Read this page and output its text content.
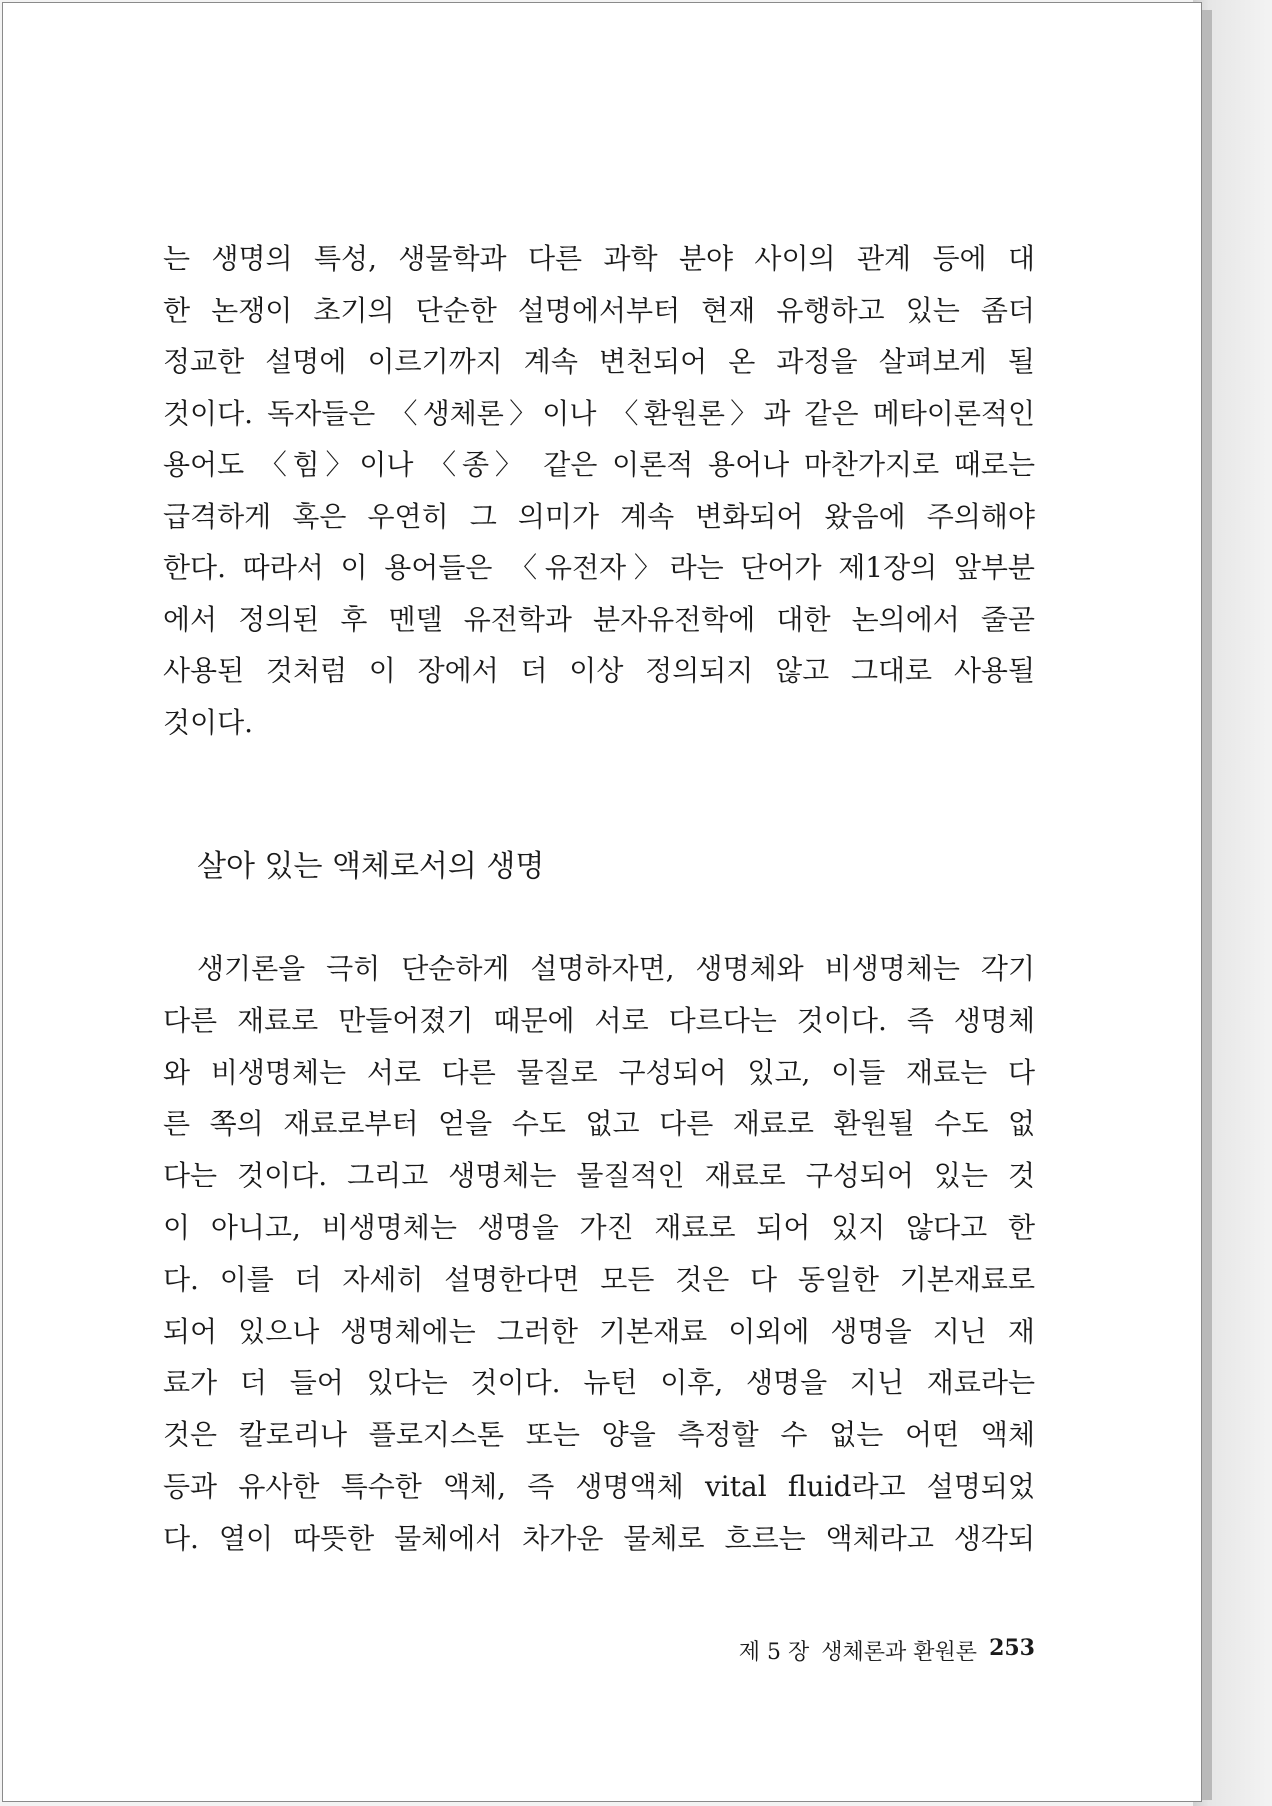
는 생명의 특성, 생물학과 다른 과학 분야 사이의 관계 등에 대
한 논쟁이 초기의 단순한 설명에서부터 현재 유행하고 있는 좀더
정교한 설명에 이르기까지 계속 변천되어 온 과정을 살펴보게 될
것이다. 독자들은 〈생체론〉이나 〈환원론〉과 같은 메타이론적인
용어도 〈힘〉이나 〈종〉 같은 이론적 용어나 마찬가지로 때로는
급격하게 혹은 우연히 그 의미가 계속 변화되어 왔음에 주의해야
한다. 따라서 이 용어들은 〈유전자〉라는 단어가 제1장의 앞부분
에서 정의된 후 멘델 유전학과 분자유전학에 대한 논의에서 줄곧
사용된 것처럼 이 장에서 더 이상 정의되지 않고 그대로 사용될
것이다.
살아 있는 액체로서의 생명
생기론을 극히 단순하게 설명하자면, 생명체와 비생명체는 각기
다른 재료로 만들어졌기 때문에 서로 다르다는 것이다. 즉 생명체
와 비생명체는 서로 다른 물질로 구성되어 있고, 이들 재료는 다
른 쪽의 재료로부터 얻을 수도 없고 다른 재료로 환원될 수도 없
다는 것이다. 그리고 생명체는 물질적인 재료로 구성되어 있는 것
이 아니고, 비생명체는 생명을 가진 재료로 되어 있지 않다고 한
다. 이를 더 자세히 설명한다면 모든 것은 다 동일한 기본재료로
되어 있으나 생명체에는 그러한 기본재료 이외에 생명을 지닌 재
료가 더 들어 있다는 것이다. 뉴턴 이후, 생명을 지닌 재료라는
것은 칼로리나 플로지스톤 또는 양을 측정할 수 없는 어떤 액체
등과 유사한 특수한 액체, 즉 생명액체 vital fluid라고 설명되었
다. 열이 따뜻한 물체에서 차가운 물체로 흐르는 액체라고 생각되
제 5 장 생체론과 환원론 253
